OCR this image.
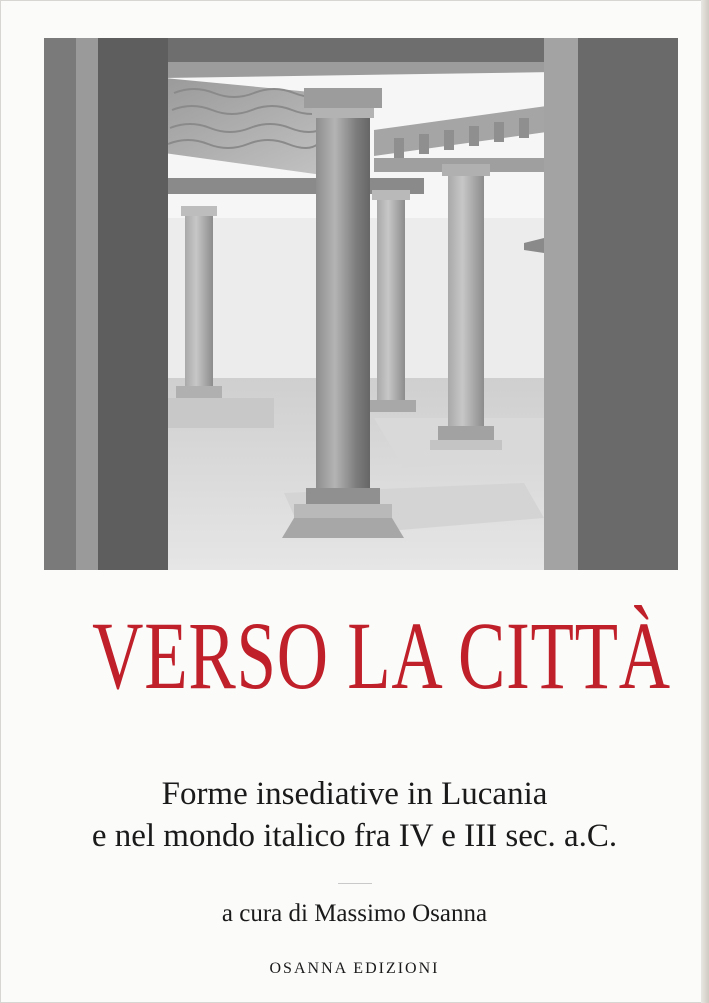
VERSO LA CITTÀ

Forme insediative in Lucania

e nel mondo italico fra IV e III sec. a.C.

a cura di Massimo Osanna

OSANNA EDIZIONI
